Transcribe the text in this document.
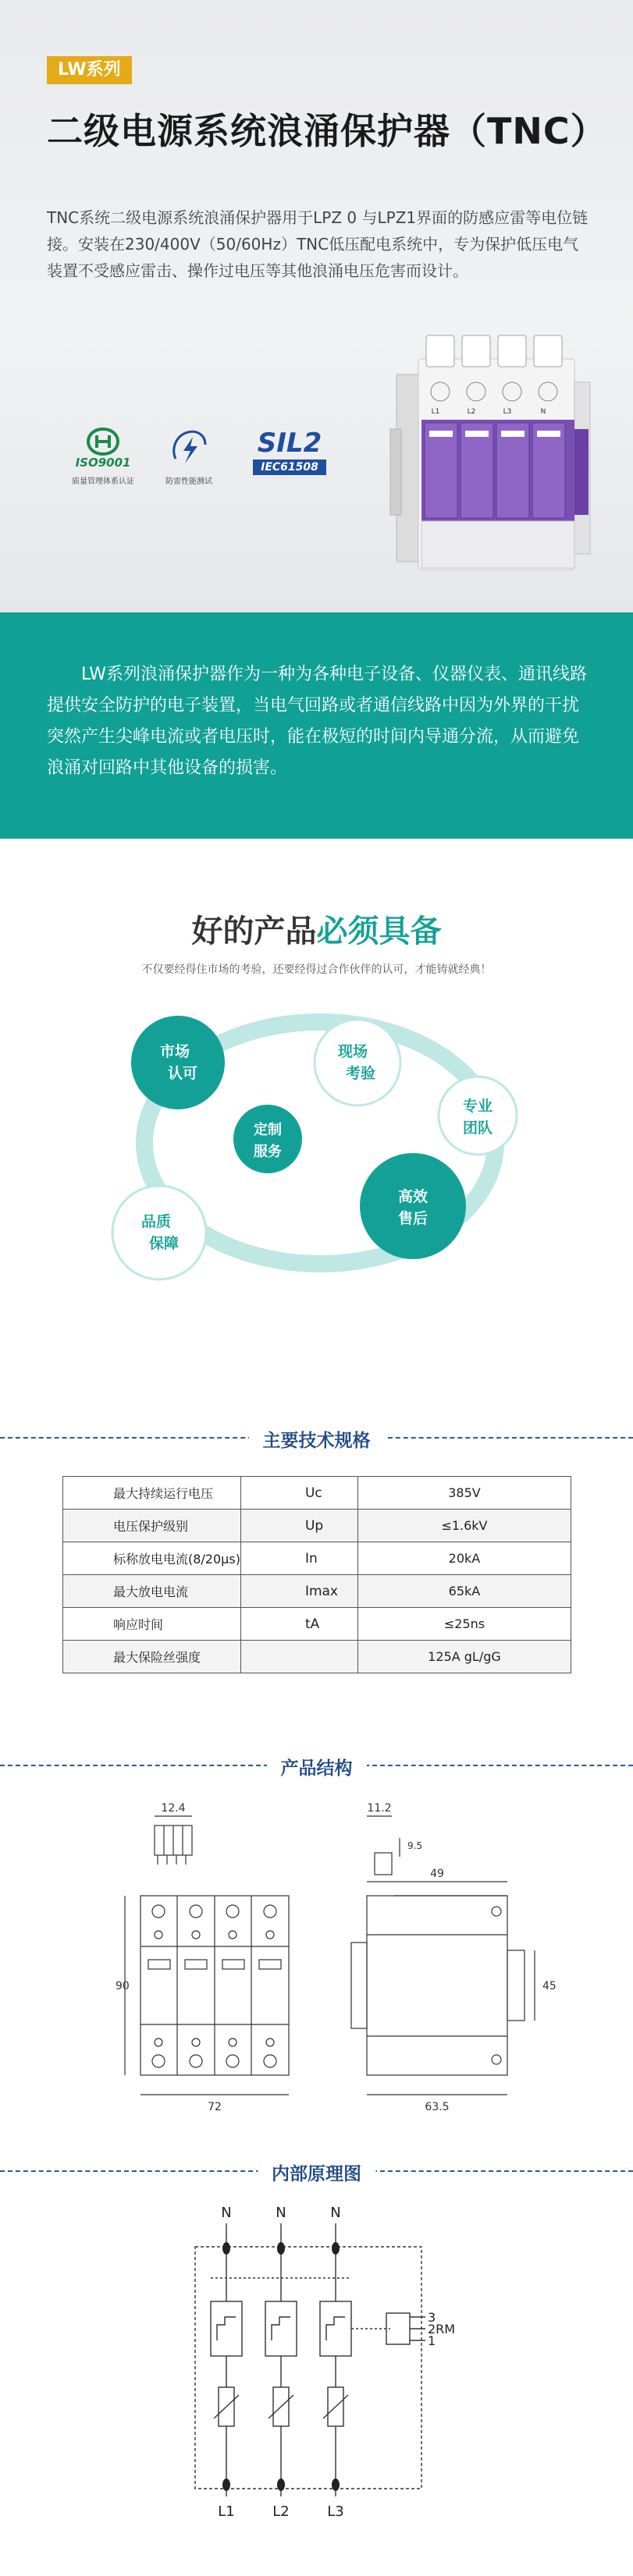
LW系列
二级电源系统浪涌保护器（TNC）

TNC系统二级电源系统浪涌保护器用于LPZ 0 与LPZ1界面的防感应雷等电位链接。安装在230/400V（50/60Hz）TNC低压配电系统中，专为保护低压电气装置不受感应雷击、操作过电压等其他浪涌电压危害而设计。

ISO9001
质量管理体系认证	防雷性能测试
SIL2
IEC61508
L1	L2	L3	N

LW系列浪涌保护器作为一种为各种电子设备、仪器仪表、通讯线路提供安全防护的电子装置，当电气回路或者通信线路中因为外界的干扰突然产生尖峰电流或者电压时，能在极短的时间内导通分流，从而避免浪涌对回路中其他设备的损害。

好的产品必须具备

不仅要经得住市场的考验，还要经得过合作伙伴的认可，才能铸就经典！

市场
认可
现场
考验
定制
服务
专业
团队
高效
售后
品质
保障
主要技术规格
最大持续运行电压	Uc	385V
电压保护级别	Up	≤1.6kV
标称放电电流(8/20μs)	In	20kA
最大放电电流	Imax	65kA
响应时间	tA	≤25ns
最大保险丝强度		125A gL/gG
产品结构
12.4	11.2
9.5
49
45
90
72	63.5
内部原理图
N	N	N
L1	L2	L3
3
2RM
1
